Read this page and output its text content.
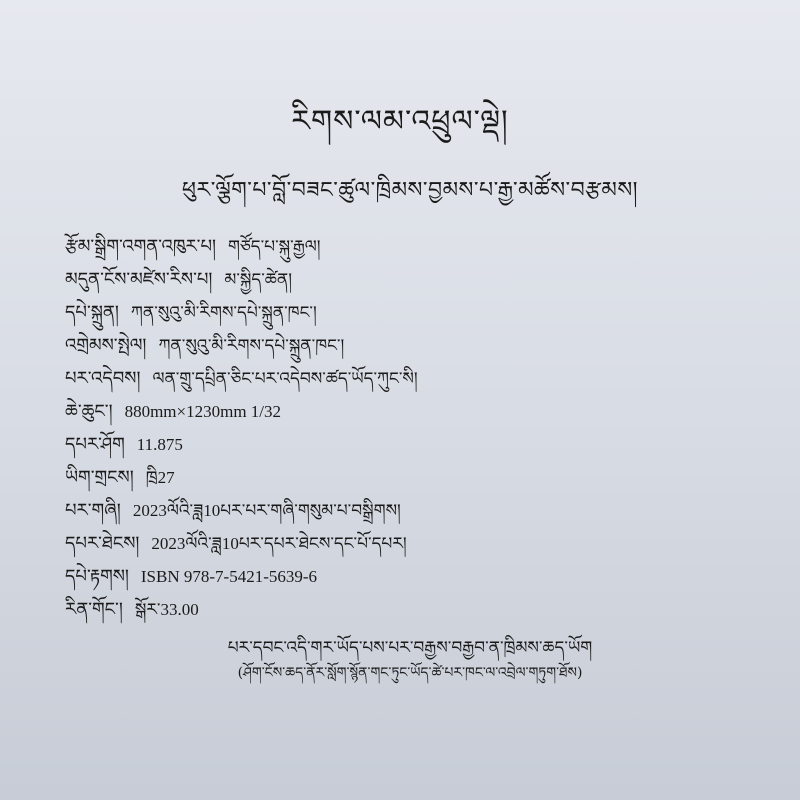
རིགས་ལམ་འཕྲུལ་ལྡེ།
ཕུར་ལྕོག་པ་བློ་བཟང་ཚུལ་ཁྲིམས་བྱམས་པ་རྒྱ་མཚོས་བརྩམས།
རྩོམ་སྒྲིག་འགན་འཁུར་པ། གཙོད་པ་སྐུ་རྒྱལ།
མདུན་ངོས་མཛེས་རིས་པ། མ་སྐྱིད་ཚེན།
དཔེ་སྐྲུན། ཀན་སུའུ་མི་རིགས་དཔེ་སྐྲུན་ཁང་།
འགྲེམས་སྤེལ། ཀན་སུའུ་མི་རིགས་དཔེ་སྐྲུན་ཁང་།
པར་འདེབས། ལན་གྲུ་དཔྲིན་ཅིང་པར་འདེབས་ཚད་ཡོད་ཀུང་སི།
ཆེ་ཆུང་། 880mm×1230mm 1/32
དཔར་ཤོག 11.875
ཡིག་གྲངས། ཁྲི27
པར་གཞི། 2023ལོའི་ཟླ10པར་པར་གཞི་གསུམ་པ་བསྒྲིགས།
དཔར་ཐེངས། 2023ལོའི་ཟླ10པར་དཔར་ཐེངས་དང་པོ་དཔར།
དཔེ་རྟགས། ISBN 978-7-5421-5639-6
རིན་གོང་། སྒོར་33.00
པར་དབང་འདི་གར་ཡོད་པས་པར་བརྒྱས་བརྒྱབ་ན་ཁྲིམས་ཆད་ཡོག
(ཤོག་ངོས་ཆད་ནོར་སློག་སྙོན་གང་ཏུང་ཡོད་ཚེ་པར་ཁང་ལ་འབྲེལ་གཏུག་ཐོས)
